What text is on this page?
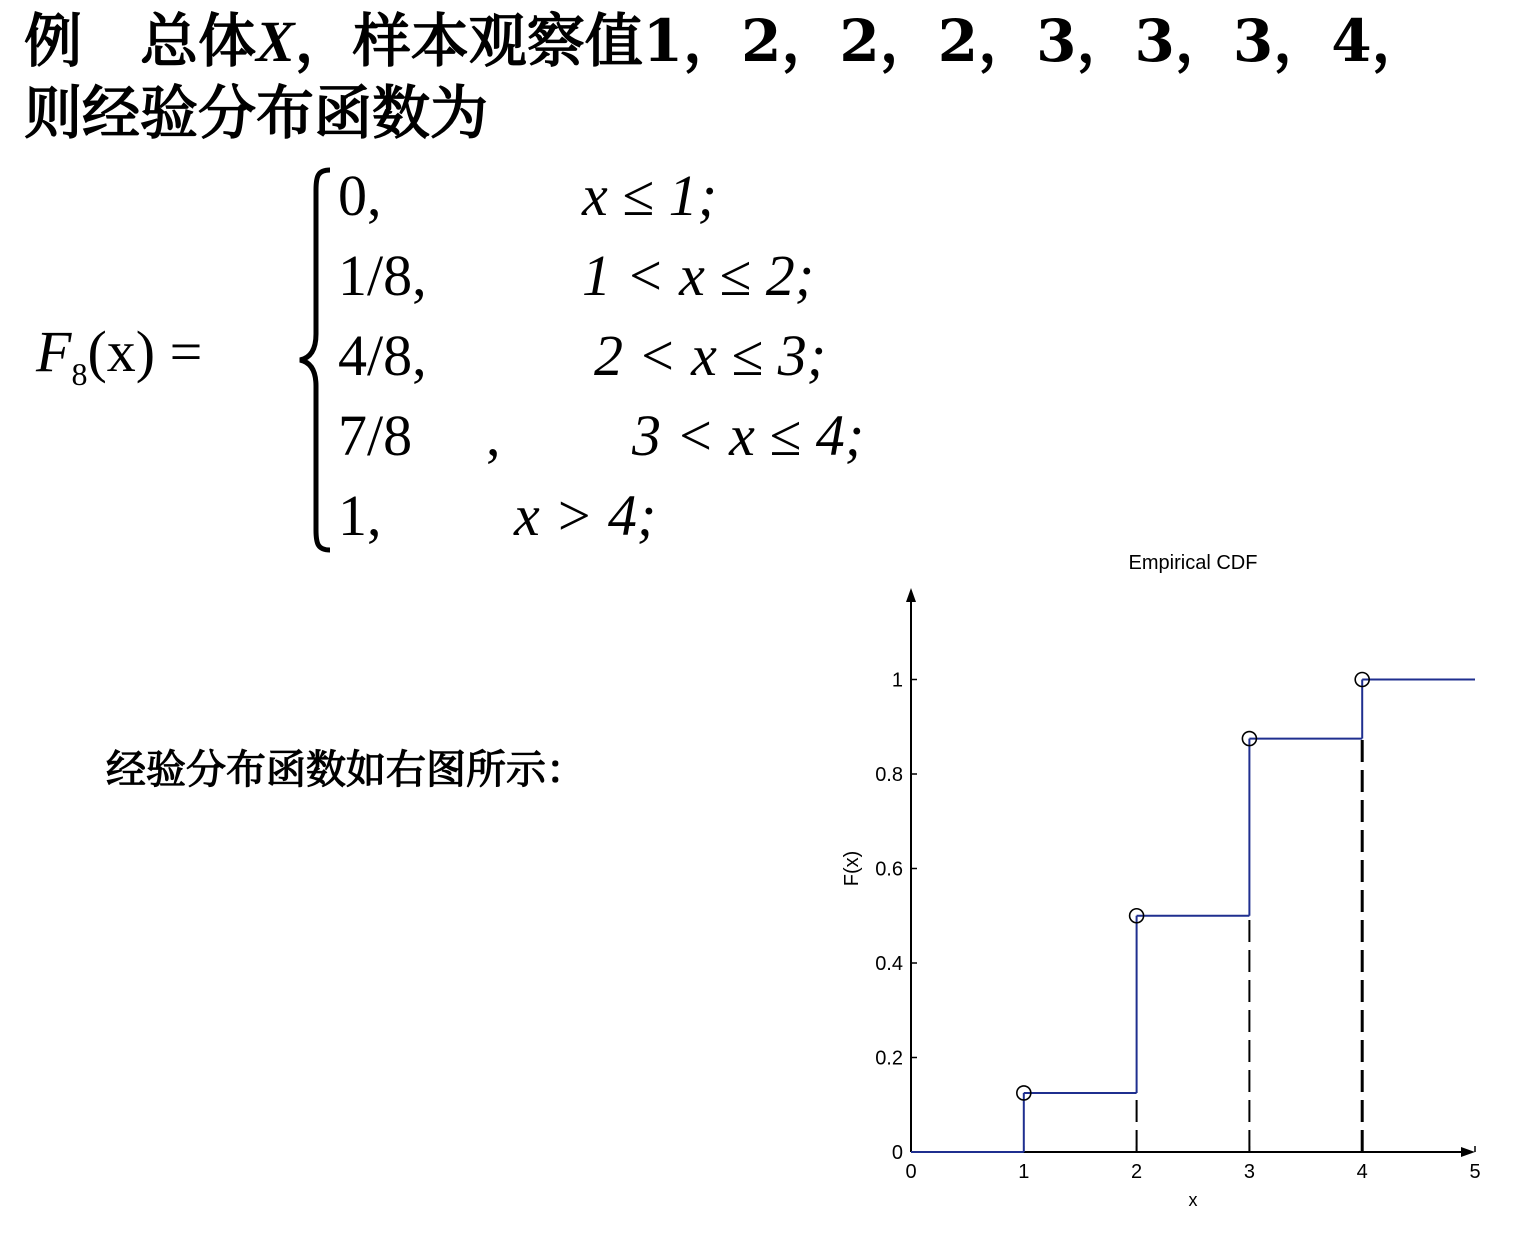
例 总体X，样本观察值1，2，2，2，3，3，3，4，
则经验分布函数为
$F_8(x)$ =
0,	x ≤ 1;
1/8,	1 < x ≤ 2;
4/8,	2 < x ≤ 3;
7/8 , 3 < x ≤ 4;
1, x > 4;
经验分布函数如右图所示：
Empirical CDF
0	1	2	3	4	5
0
0.2
0.4
0.6
0.8
1
x
F(x)
